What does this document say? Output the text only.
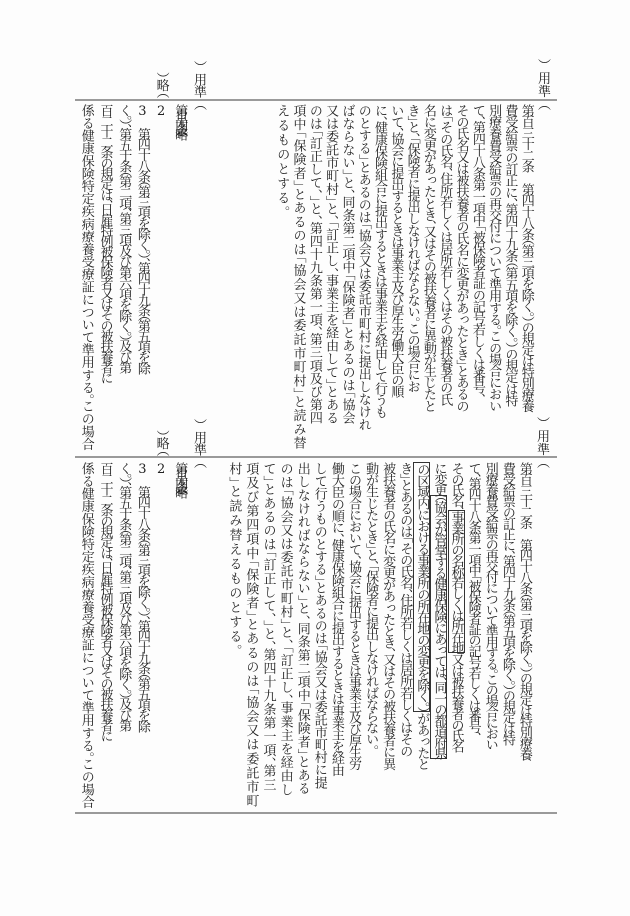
第百三十二条　第四十八条（第三項を除く。）の規定は特別療養
費受給票の訂正に、第四十九条（第五項を除く。）の規定は特
別療養費受給票の再交付について準用する。この場合におい
て、第四十八条第一項中「被保険者証の記号若しくは番号、
その氏名又は被扶養者の氏名に変更があったとき」とあるの
は「その氏名、住所若しくは居所若しくはその被扶養者の氏
名に変更があったとき、又はその被扶養者に異動が生じたと
き」と、「保険者に提出しなければならない。この場合にお
いて、協会に提出するときは事業主及び厚生労働大臣の順
に、健康保険組合に提出するときは事業主を経由して行うも
のとする」とあるのは「協会又は委託市町村に提出しなけれ
ばならない」と、同条第二項中「保険者」とあるのは「協会
又は委託市町村」と、「訂正し、事業主を経由して」とある
のは「訂正して、」と、第四十九条第一項、第三項及び第四
項中「保険者」とあるのは「協会又は委託市町村」と読み替
えるものとする。
第百三十四条　（略）
3　第四十八条（第三項を除く。）、第四十九条（第五項を除
く。）、第五十条（第二項、第三項及び第六項を除く。）及び第
百二十二条の規定は、日雇特例被保険者又はその被扶養者に
係る健康保険特定疾病療養受療証について準用する。この場合
第百三十二条　第四十八条（第三項を除く。）の規定は特別療養
費受給票の訂正に、第四十九条（第五項を除く。）の規定は特
別療養費受給票の再交付について準用する。この場合におい
て、第四十八条第一項中「被保険者証の記号若しくは番号、
その氏名、事業所の名称若しくは所在地又は被扶養者の氏名
に変更（協会が管掌する健康保険にあっては、同一の都道府県
の区域内における事業所の所在地の変更を除く。）があったと
き」とあるのは「その氏名、住所若しくは居所若しくはその
被扶養者の氏名に変更があったとき、又はその被扶養者に異
動が生じたとき」と、「保険者に提出しなければならない。
この場合において、協会に提出するときは事業主及び厚生労
働大臣の順に、健康保険組合に提出するときは事業主を経由
して行うものとする」とあるのは「協会又は委託市町村に提
出しなければならない」と、同条第二項中「保険者」とある
のは「協会又は委託市町村」と、「訂正し、事業主を経由し
て」とあるのは「訂正して、」と、第四十九条第一項、第三
項及び第四項中「保険者」とあるのは「協会又は委託市町
村」と読み替えるものとする。
第百三十四条　（略）
3　第四十八条（第三項を除く。）、第四十九条（第五項を除
く。）、第五十条（第二項、第三項及び第六項を除く。）及び第
百二十二条の規定は、日雇特例被保険者又はその被扶養者に
係る健康保険特定疾病療養受療証について準用する。この場合
